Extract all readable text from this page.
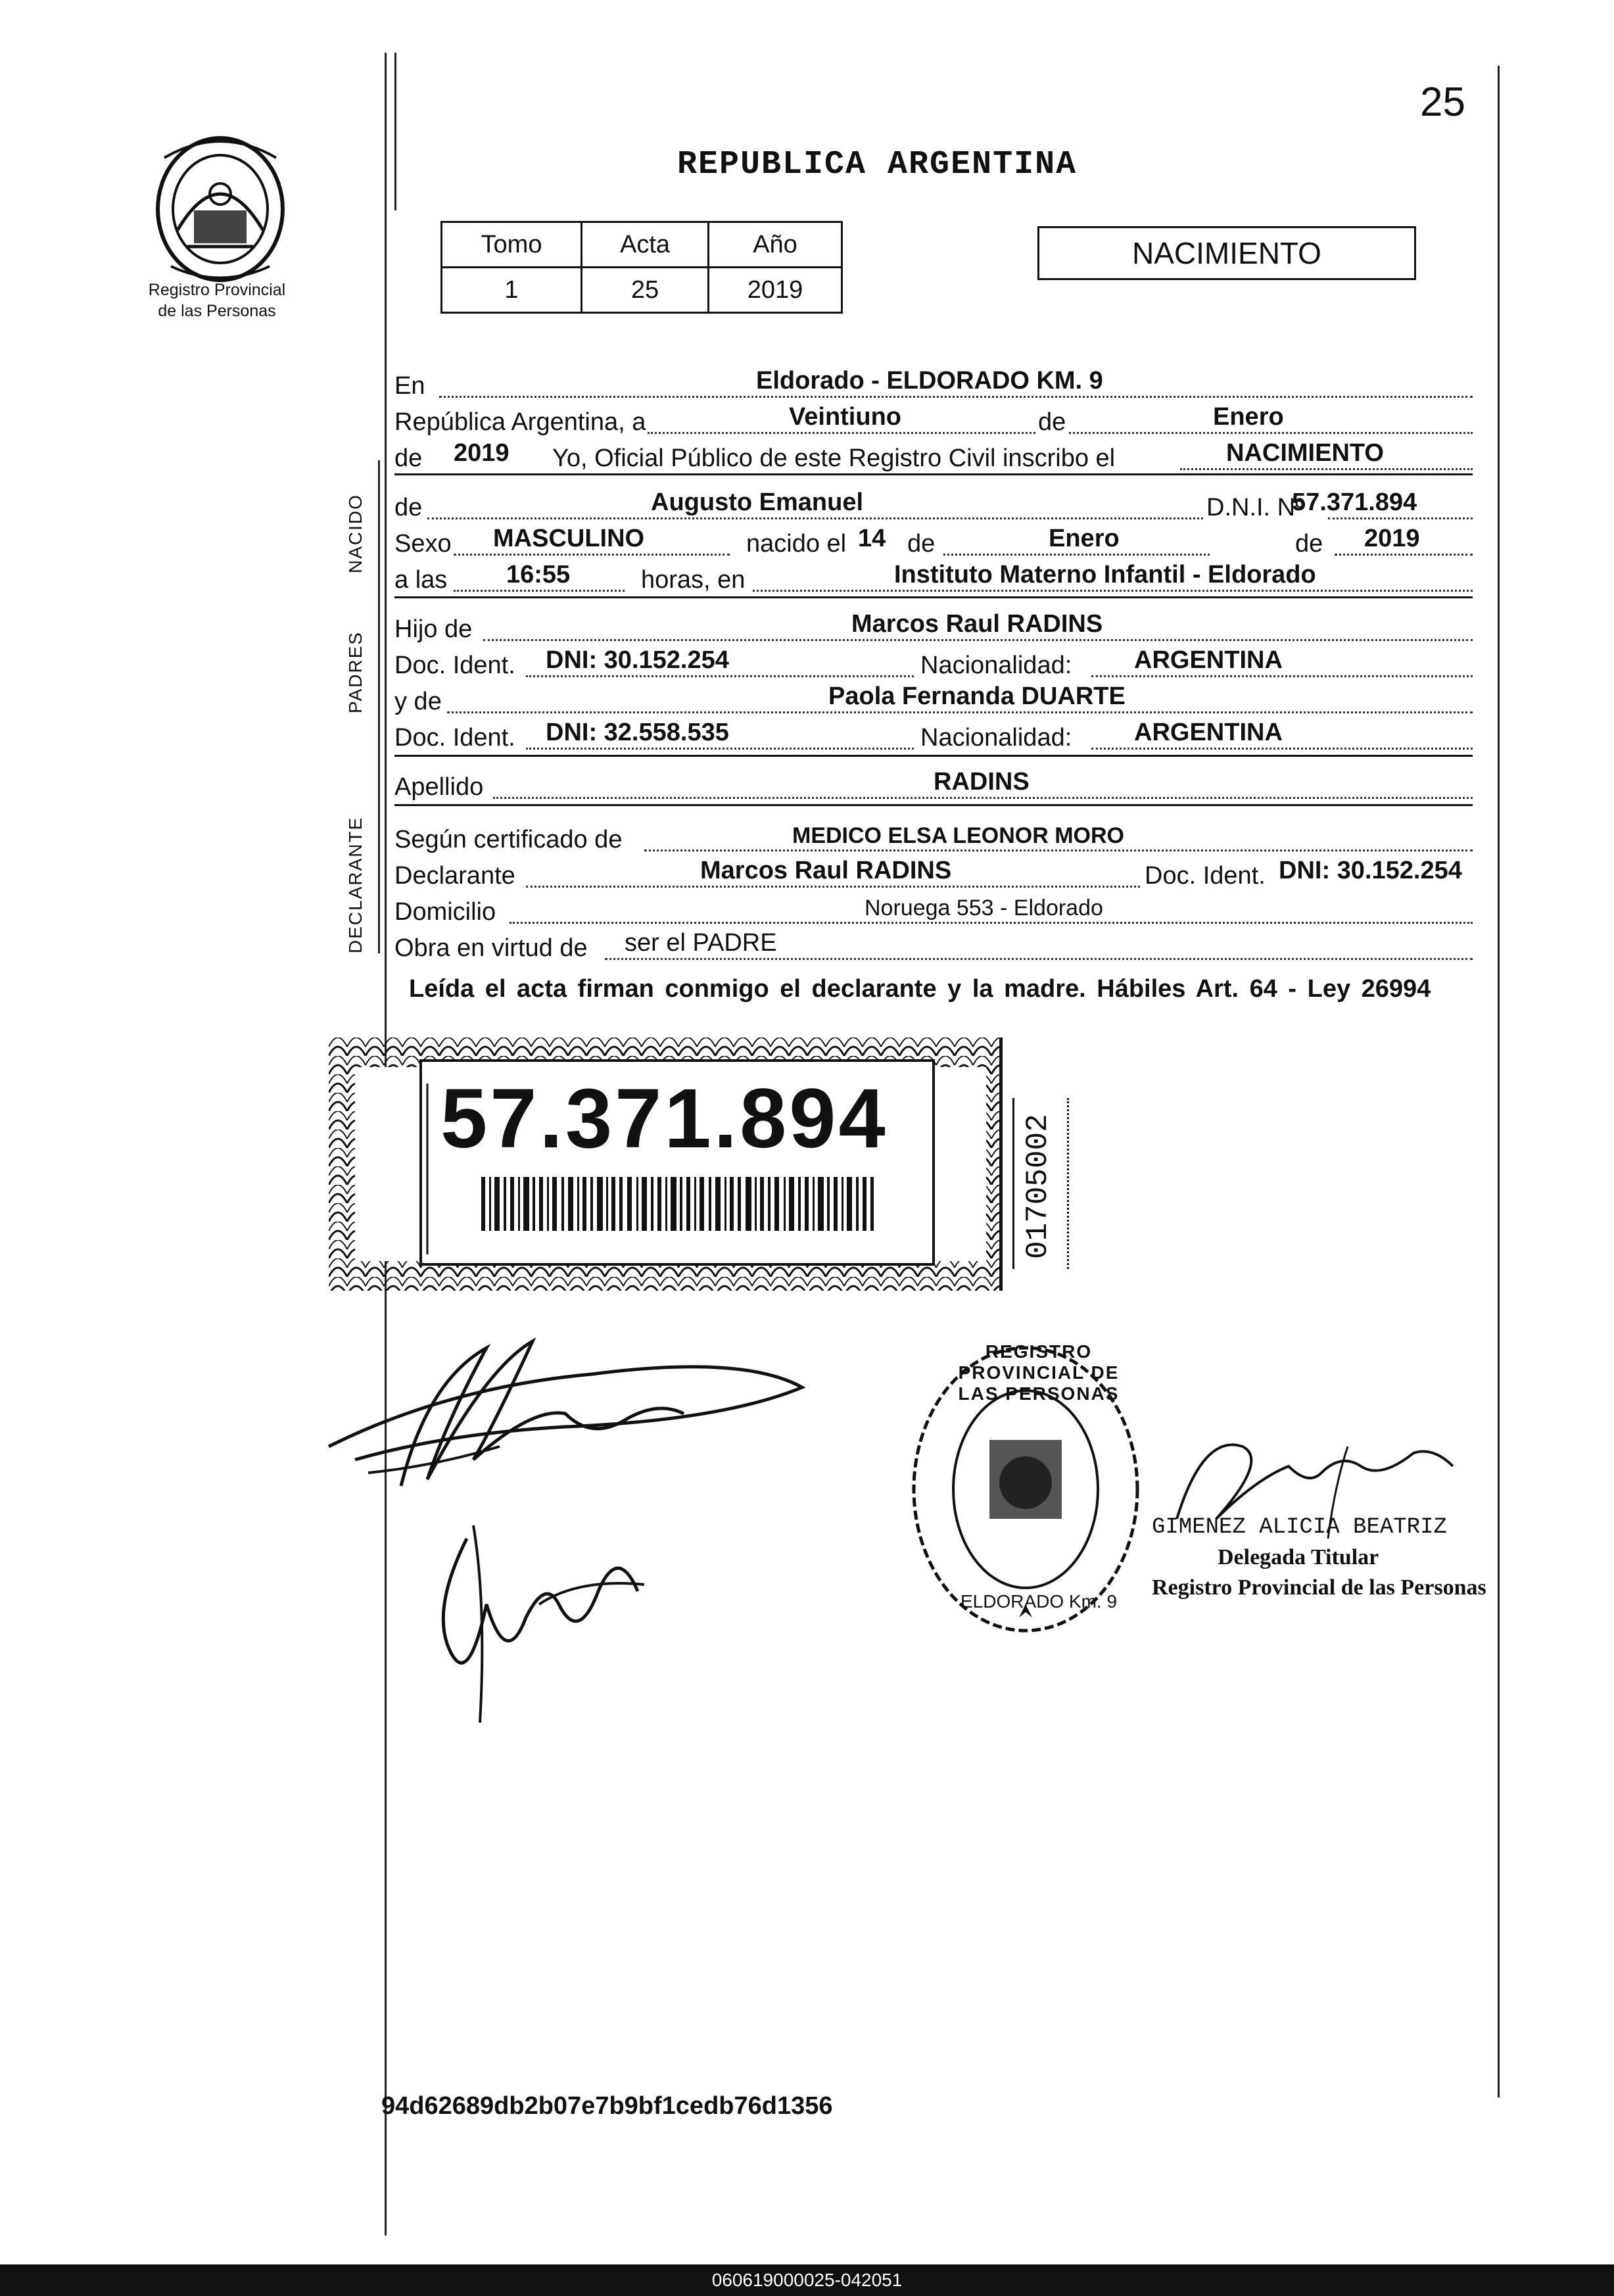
25
REPUBLICA ARGENTINA
Registro Provincial
de las Personas
Tomo	Acta	Año
1	25	2019
NACIMIENTO
NACIDO
PADRES
DECLARANTE
En	Eldorado - ELDORADO KM. 9
República Argentina, a	Veintiuno	de	Enero
de 2019 Yo, Oficial Público de este Registro Civil inscribo el	NACIMIENTO
de	Augusto Emanuel	D.N.I. Nº
57.371.894
Sexo MASCULINO	nacido el 14 de	Enero	de 2019
a las 16:55	horas, en	Instituto Materno Infantil - Eldorado
Hijo de	Marcos Raul RADINS
Doc. Ident. DNI: 30.152.254	Nacionalidad: ARGENTINA
y de	Paola Fernanda DUARTE
Doc. Ident. DNI: 32.558.535	Nacionalidad: ARGENTINA
Apellido	RADINS
Según certificado de	MEDICO ELSA LEONOR MORO
Declarante	Marcos Raul RADINS	Doc. Ident. DNI: 30.152.254
Domicilio	Noruega 553 - Eldorado
Obra en virtud de ser el PADRE
Leída el acta firman conmigo el declarante y la madre. Hábiles Art. 64 - Ley 26994
57.371.894	01705002
REGISTRO PROVINCIAL DE LAS PERSONAS
ELDORADO Km. 9
GIMENEZ ALICIA BEATRIZ
Delegada Titular
Registro Provincial de las Personas
94d62689db2b07e7b9bf1cedb76d1356
060619000025-042051
